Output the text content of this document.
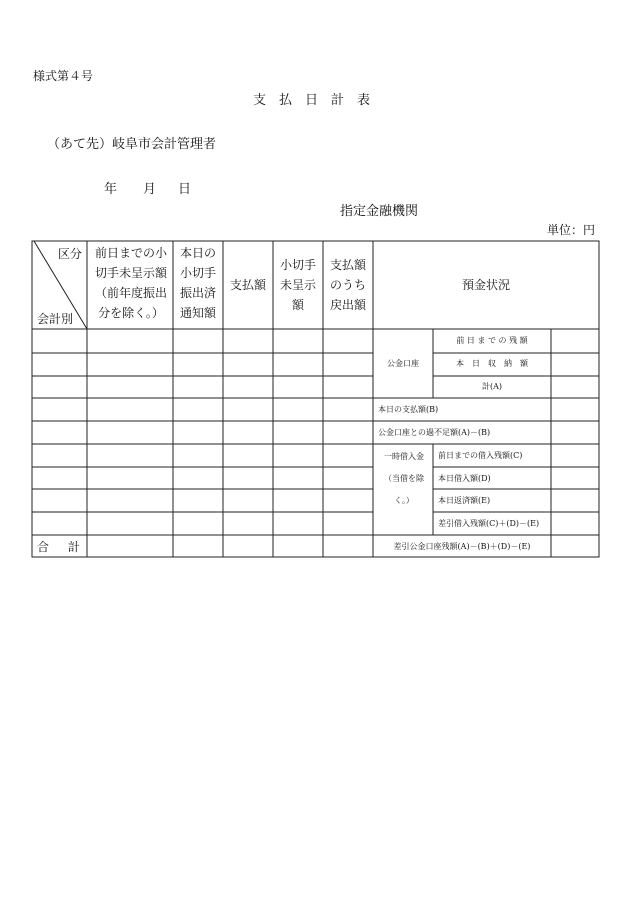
様式第４号
支払日計表
（あて先）岐阜市会計管理者
年 月 日
指定金融機関
単位：円
区分
会計別
前日までの小
切手未呈示額
（前年度振出
分を除く。）
本日の
小切手
振出済
通知額
支払額
小切手
未呈示
額
支払額
のうち
戻出額
預金状況
公金口座
前 日 ま で の 残 額
本　日　収　納　額
計(A)
本日の支払額(B)
公金口座との過不足額(A)－(B)
一時借入金
（当借を除
く。）
前日までの借入残額(C)
本日借入額(D)
本日返済額(E)
差引借入残額(C)＋(D)－(E)
差引公金口座残額(A)－(B)＋(D)－(E)
合 計
